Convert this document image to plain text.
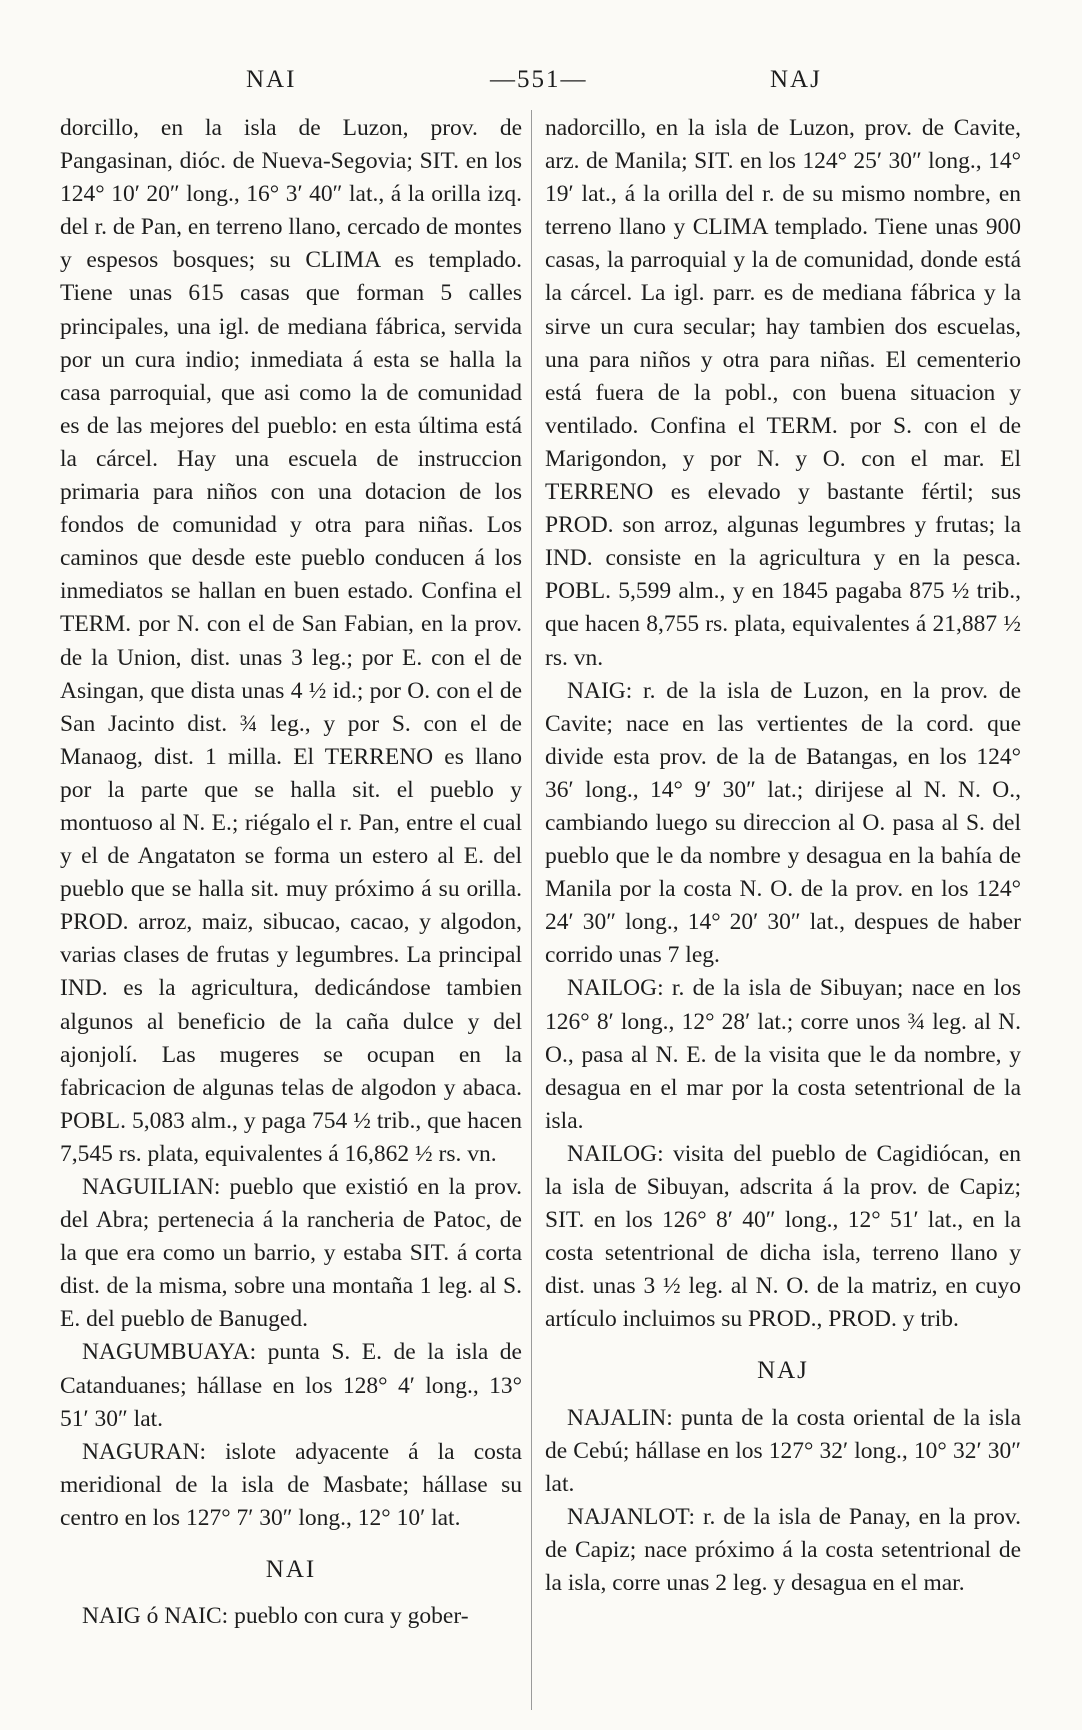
NAI	—551—	NAJ

dorcillo, en la isla de Luzon, prov. de Pangasinan, dióc. de Nueva-Segovia; SIT. en los 124° 10′ 20″ long., 16° 3′ 40″ lat., á la orilla izq. del r. de Pan, en terreno llano, cercado de montes y espesos bosques; su CLIMA es templado. Tiene unas 615 casas que forman 5 calles principales, una igl. de mediana fábrica, servida por un cura indio; inmediata á esta se halla la casa parroquial, que asi como la de comunidad es de las mejores del pueblo: en esta última está la cárcel. Hay una escuela de instruccion primaria para niños con una dotacion de los fondos de comunidad y otra para niñas. Los caminos que desde este pueblo conducen á los inmediatos se hallan en buen estado. Confina el TERM. por N. con el de San Fabian, en la prov. de la Union, dist. unas 3 leg.; por E. con el de Asingan, que dista unas 4 ½ id.; por O. con el de San Jacinto dist. ¾ leg., y por S. con el de Manaog, dist. 1 milla. El TERRENO es llano por la parte que se halla sit. el pueblo y montuoso al N. E.; riégalo el r. Pan, entre el cual y el de Angataton se forma un estero al E. del pueblo que se halla sit. muy próximo á su orilla. PROD. arroz, maiz, sibucao, cacao, y algodon, varias clases de frutas y legumbres. La principal IND. es la agricultura, dedicándose tambien algunos al beneficio de la caña dulce y del ajonjolí. Las mugeres se ocupan en la fabricacion de algunas telas de algodon y abaca. POBL. 5,083 alm., y paga 754 ½ trib., que hacen 7,545 rs. plata, equivalentes á 16,862 ½ rs. vn.

NAGUILIAN: pueblo que existió en la prov. del Abra; pertenecia á la rancheria de Patoc, de la que era como un barrio, y estaba SIT. á corta dist. de la misma, sobre una montaña 1 leg. al S. E. del pueblo de Banuged.

NAGUMBUAYA: punta S. E. de la isla de Catanduanes; hállase en los 128° 4′ long., 13° 51′ 30″ lat.

NAGURAN: islote adyacente á la costa meridional de la isla de Masbate; hállase su centro en los 127° 7′ 30″ long., 12° 10′ lat.

NAI

NAIG ó NAIC: pueblo con cura y gober-

nadorcillo, en la isla de Luzon, prov. de Cavite, arz. de Manila; SIT. en los 124° 25′ 30″ long., 14° 19′ lat., á la orilla del r. de su mismo nombre, en terreno llano y CLIMA templado. Tiene unas 900 casas, la parroquial y la de comunidad, donde está la cárcel. La igl. parr. es de mediana fábrica y la sirve un cura secular; hay tambien dos escuelas, una para niños y otra para niñas. El cementerio está fuera de la pobl., con buena situacion y ventilado. Confina el TERM. por S. con el de Marigondon, y por N. y O. con el mar. El TERRENO es elevado y bastante fértil; sus PROD. son arroz, algunas legumbres y frutas; la IND. consiste en la agricultura y en la pesca. POBL. 5,599 alm., y en 1845 pagaba 875 ½ trib., que hacen 8,755 rs. plata, equivalentes á 21,887 ½ rs. vn.

NAIG: r. de la isla de Luzon, en la prov. de Cavite; nace en las vertientes de la cord. que divide esta prov. de la de Batangas, en los 124° 36′ long., 14° 9′ 30″ lat.; dirijese al N. N. O., cambiando luego su direccion al O. pasa al S. del pueblo que le da nombre y desagua en la bahía de Manila por la costa N. O. de la prov. en los 124° 24′ 30″ long., 14° 20′ 30″ lat., despues de haber corrido unas 7 leg.

NAILOG: r. de la isla de Sibuyan; nace en los 126° 8′ long., 12° 28′ lat.; corre unos ¾ leg. al N. O., pasa al N. E. de la visita que le da nombre, y desagua en el mar por la costa setentrional de la isla.

NAILOG: visita del pueblo de Cagidiócan, en la isla de Sibuyan, adscrita á la prov. de Capiz; SIT. en los 126° 8′ 40″ long., 12° 51′ lat., en la costa setentrional de dicha isla, terreno llano y dist. unas 3 ½ leg. al N. O. de la matriz, en cuyo artículo incluimos su PROD., PROD. y trib.

NAJ

NAJALIN: punta de la costa oriental de la isla de Cebú; hállase en los 127° 32′ long., 10° 32′ 30″ lat.

NAJANLOT: r. de la isla de Panay, en la prov. de Capiz; nace próximo á la costa setentrional de la isla, corre unas 2 leg. y desagua en el mar.
